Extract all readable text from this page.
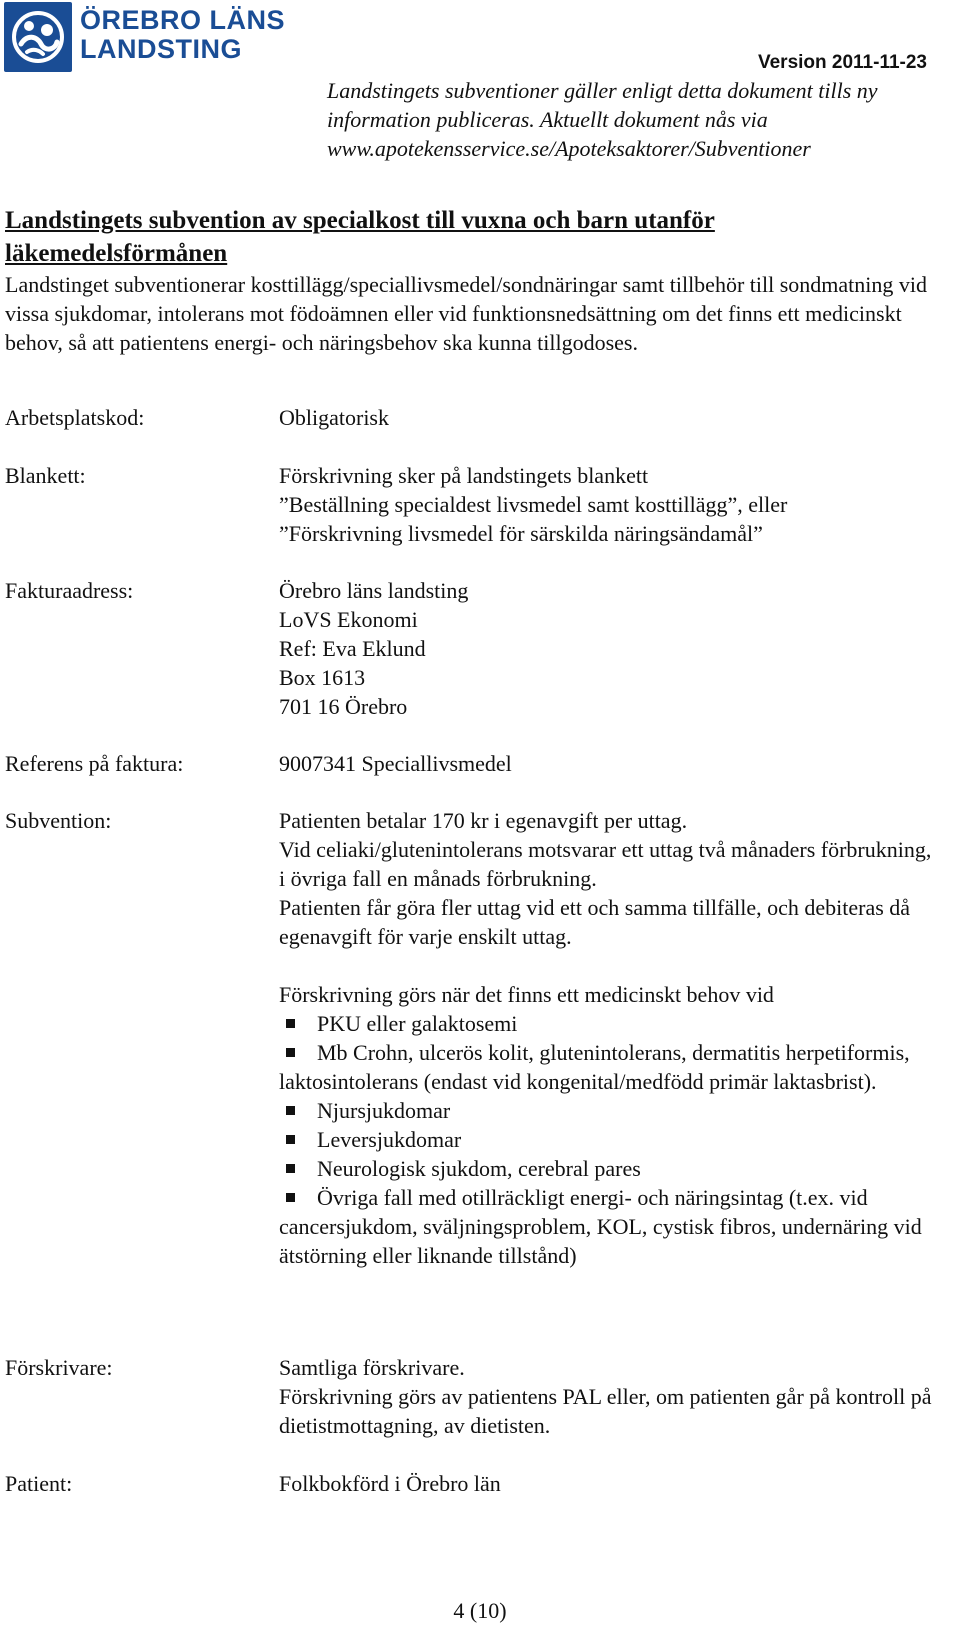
ÖREBRO LÄNS
LANDSTING	Version 2011-11-23
Landstingets subventioner gäller enligt detta dokument tills ny information publiceras. Aktuellt dokument nås via www.apotekensservice.se/Apoteksaktorer/Subventioner
Landstingets subvention av specialkost till vuxna och barn utanför läkemedelsförmånen
Landstinget subventionerar kosttillägg/speciallivsmedel/sondnäringar samt tillbehör till sondmatning vid vissa sjukdomar, intolerans mot födoämnen eller vid funktionsnedsättning om det finns ett medicinskt behov, så att patientens energi- och näringsbehov ska kunna tillgodoses.
Arbetsplatskod:	Obligatorisk
Blankett:	Förskrivning sker på landstingets blankett

”Beställning specialdest livsmedel samt kosttillägg”, eller

”Förskrivning livsmedel för särskilda näringsändamål”

Fakturaadress:	Örebro läns landsting

LoVS Ekonomi

Ref: Eva Eklund

Box 1613

701 16 Örebro

Referens på faktura:	9007341 Speciallivsmedel
Subvention:	Patienten betalar 170 kr i egenavgift per uttag.

Vid celiaki/glutenintolerans motsvarar ett uttag två månaders förbrukning, i övriga fall en månads förbrukning.

Patienten får göra fler uttag vid ett och samma tillfälle, och debiteras då egenavgift för varje enskilt uttag.

Förskrivning görs när det finns ett medicinskt behov vid

PKU eller galaktosemi
Mb Crohn, ulcerös kolit, glutenintolerans, dermatitis herpetiformis, laktosintolerans (endast vid kongenital/medfödd primär laktasbrist).
Njursjukdomar
Leversjukdomar
Neurologisk sjukdom, cerebral pares
Övriga fall med otillräckligt energi- och näringsintag (t.ex. vid cancersjukdom, sväljningsproblem, KOL, cystisk fibros, undernäring vid ätstörning eller liknande tillstånd)
Förskrivare:	Samtliga förskrivare.

Förskrivning görs av patientens PAL eller, om patienten går på kontroll på dietistmottagning, av dietisten.

Patient:	Folkbokförd i Örebro län
4 (10)
